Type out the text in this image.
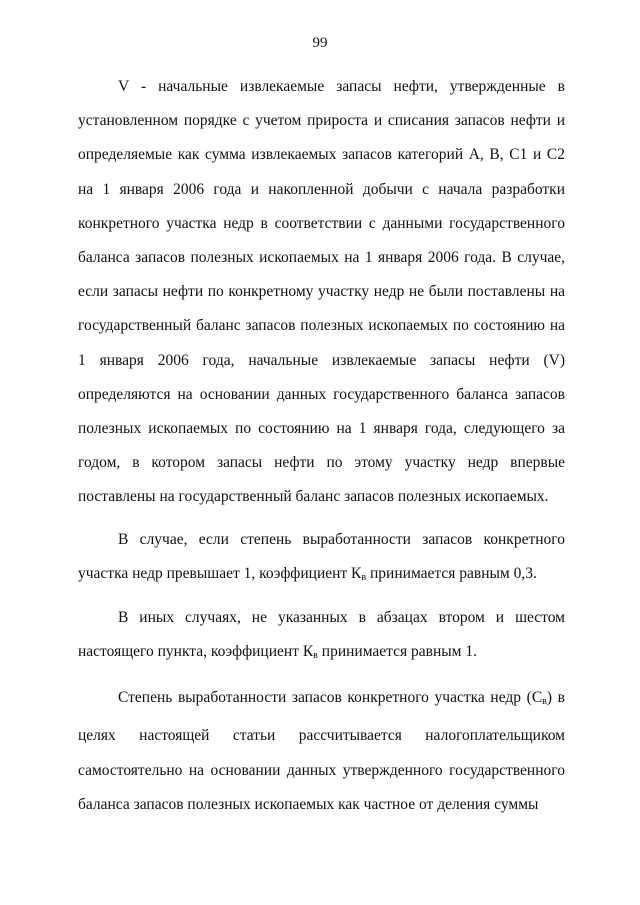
99

V - начальные извлекаемые запасы нефти, утвержденные в установленном порядке с учетом прироста и списания запасов нефти и определяемые как сумма извлекаемых запасов категорий А, В, С1 и С2 на 1 января 2006 года и накопленной добычи с начала разработки конкретного участка недр в соответствии с данными государственного баланса запасов полезных ископаемых на 1 января 2006 года. В случае, если запасы нефти по конкретному участку недр не были поставлены на государственный баланс запасов полезных ископаемых по состоянию на 1 января 2006 года, начальные извлекаемые запасы нефти (V) определяются на основании данных государственного баланса запасов полезных ископаемых по состоянию на 1 января года, следующего за годом, в котором запасы нефти по этому участку недр впервые поставлены на государственный баланс запасов полезных ископаемых.

В случае, если степень выработанности запасов конкретного участка недр превышает 1, коэффициент $К_в$ принимается равным 0,3.

В иных случаях, не указанных в абзацах втором и шестом настоящего пункта, коэффициент $К_в$ принимается равным 1.

Степень выработанности запасов конкретного участка недр $(С_в)$ в целях настоящей статьи рассчитывается налогоплательщиком самостоятельно на основании данных утвержденного государственного баланса запасов полезных ископаемых как частное от деления суммы
